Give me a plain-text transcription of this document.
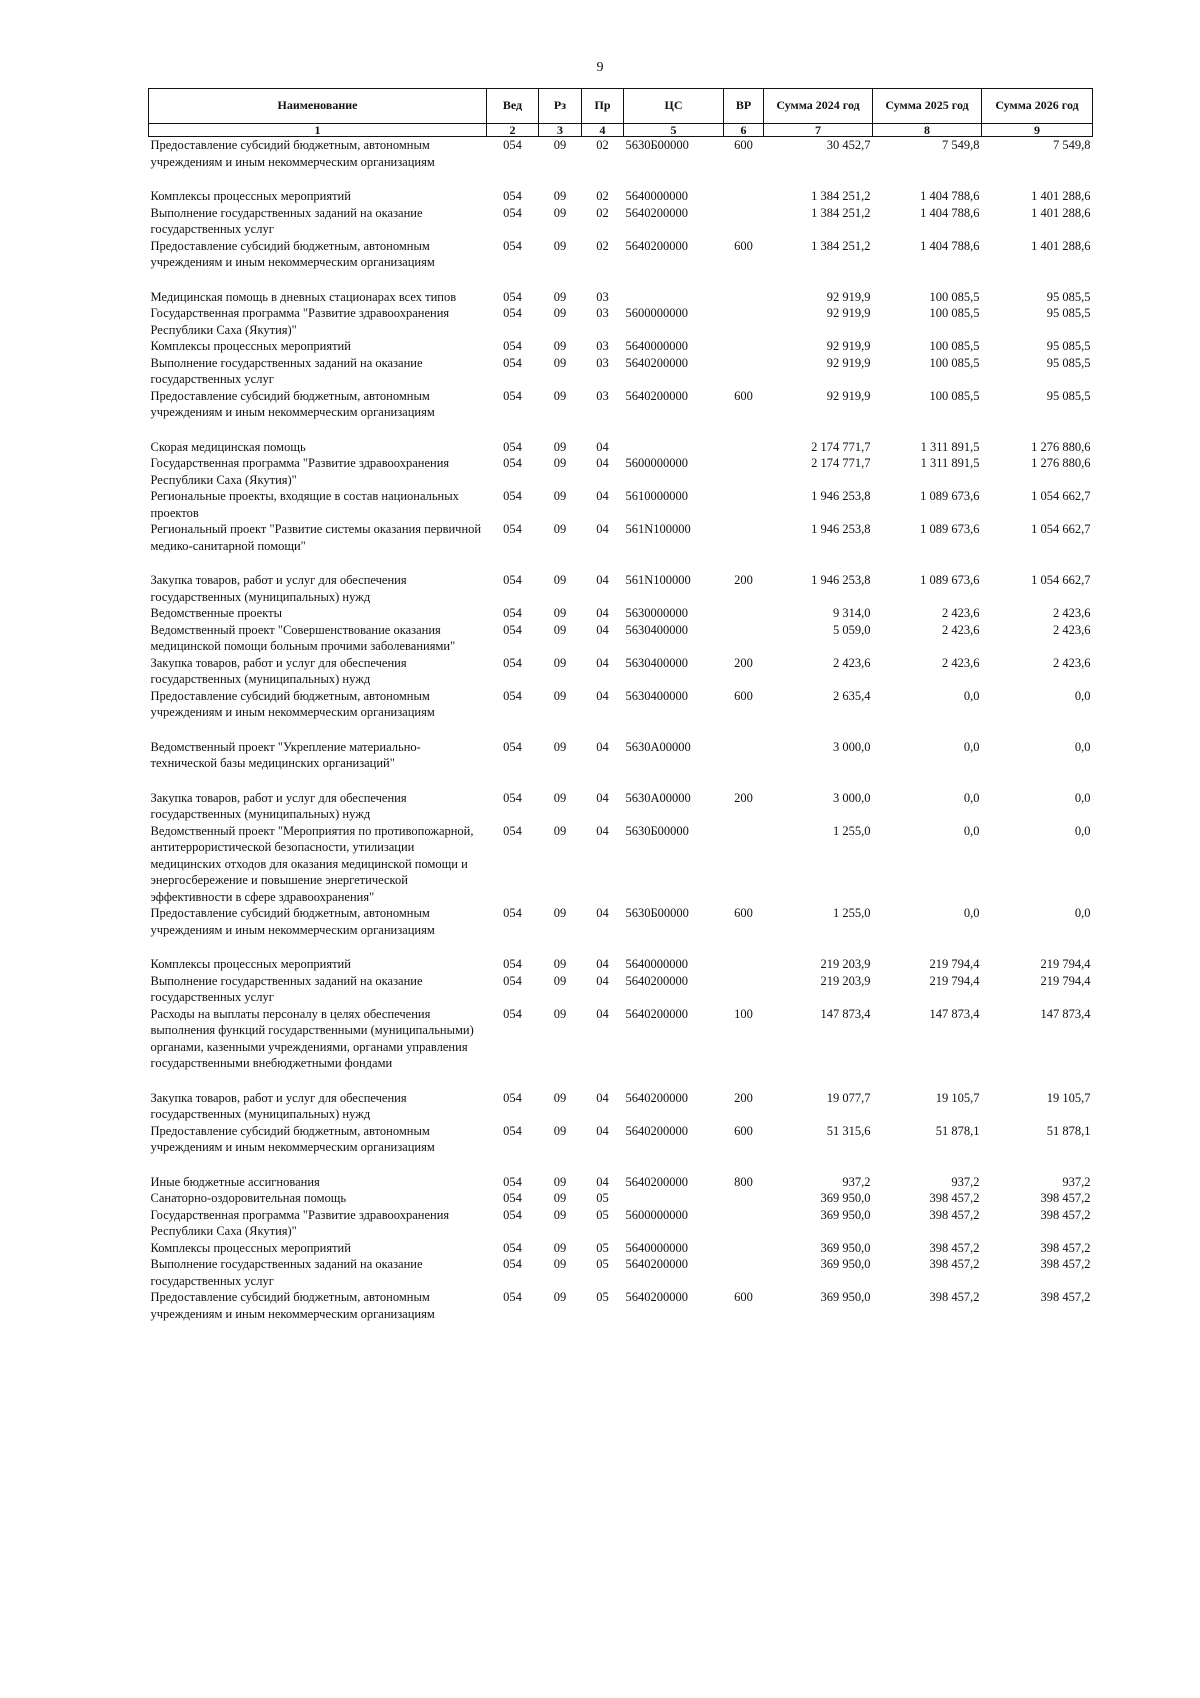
9
Наименование	Вед	Рз	Пр	ЦС	ВР	Сумма 2024 год	Сумма 2025 год	Сумма 2026 год
1	2	3	4	5	6	7	8	9
Предоставление субсидий бюджетным, автономным учреждениям и иным некоммерческим организациям	054	09	02	5630Б00000	600	30 452,7	7 549,8	7 549,8
Комплексы процессных мероприятий	054	09	02	5640000000		1 384 251,2	1 404 788,6	1 401 288,6
Выполнение государственных заданий на оказание государственных услуг	054	09	02	5640200000		1 384 251,2	1 404 788,6	1 401 288,6
Предоставление субсидий бюджетным, автономным учреждениям и иным некоммерческим организациям	054	09	02	5640200000	600	1 384 251,2	1 404 788,6	1 401 288,6
Медицинская помощь в дневных стационарах всех типов	054	09	03			92 919,9	100 085,5	95 085,5
Государственная программа "Развитие здравоохранения Республики Саха (Якутия)"	054	09	03	5600000000		92 919,9	100 085,5	95 085,5
Комплексы процессных мероприятий	054	09	03	5640000000		92 919,9	100 085,5	95 085,5
Выполнение государственных заданий на оказание государственных услуг	054	09	03	5640200000		92 919,9	100 085,5	95 085,5
Предоставление субсидий бюджетным, автономным учреждениям и иным некоммерческим организациям	054	09	03	5640200000	600	92 919,9	100 085,5	95 085,5
Скорая медицинская помощь	054	09	04			2 174 771,7	1 311 891,5	1 276 880,6
Государственная программа "Развитие здравоохранения Республики Саха (Якутия)"	054	09	04	5600000000		2 174 771,7	1 311 891,5	1 276 880,6
Региональные проекты, входящие в состав национальных проектов	054	09	04	5610000000		1 946 253,8	1 089 673,6	1 054 662,7
Региональный проект "Развитие системы оказания первичной медико-санитарной помощи"	054	09	04	561N100000		1 946 253,8	1 089 673,6	1 054 662,7
Закупка товаров, работ и услуг для обеспечения государственных (муниципальных) нужд	054	09	04	561N100000	200	1 946 253,8	1 089 673,6	1 054 662,7
Ведомственные проекты	054	09	04	5630000000		9 314,0	2 423,6	2 423,6
Ведомственный проект "Совершенствование оказания медицинской помощи больным прочими заболеваниями"	054	09	04	5630400000		5 059,0	2 423,6	2 423,6
Закупка товаров, работ и услуг для обеспечения государственных (муниципальных) нужд	054	09	04	5630400000	200	2 423,6	2 423,6	2 423,6
Предоставление субсидий бюджетным, автономным учреждениям и иным некоммерческим организациям	054	09	04	5630400000	600	2 635,4	0,0	0,0
Ведомственный проект "Укрепление материально-технической базы медицинских организаций"	054	09	04	5630А00000		3 000,0	0,0	0,0
Закупка товаров, работ и услуг для обеспечения государственных (муниципальных) нужд	054	09	04	5630А00000	200	3 000,0	0,0	0,0
Ведомственный проект "Мероприятия по противопожарной, антитеррористической безопасности, утилизации медицинских отходов для оказания медицинской помощи и энергосбережение и повышение энергетической эффективности в сфере здравоохранения"	054	09	04	5630Б00000		1 255,0	0,0	0,0
Предоставление субсидий бюджетным, автономным учреждениям и иным некоммерческим организациям	054	09	04	5630Б00000	600	1 255,0	0,0	0,0
Комплексы процессных мероприятий	054	09	04	5640000000		219 203,9	219 794,4	219 794,4
Выполнение государственных заданий на оказание государственных услуг	054	09	04	5640200000		219 203,9	219 794,4	219 794,4
Расходы на выплаты персоналу в целях обеспечения выполнения функций государственными (муниципальными) органами, казенными учреждениями, органами управления государственными внебюджетными фондами	054	09	04	5640200000	100	147 873,4	147 873,4	147 873,4
Закупка товаров, работ и услуг для обеспечения государственных (муниципальных) нужд	054	09	04	5640200000	200	19 077,7	19 105,7	19 105,7
Предоставление субсидий бюджетным, автономным учреждениям и иным некоммерческим организациям	054	09	04	5640200000	600	51 315,6	51 878,1	51 878,1
Иные бюджетные ассигнования	054	09	04	5640200000	800	937,2	937,2	937,2
Санаторно-оздоровительная помощь	054	09	05			369 950,0	398 457,2	398 457,2
Государственная программа "Развитие здравоохранения Республики Саха (Якутия)"	054	09	05	5600000000		369 950,0	398 457,2	398 457,2
Комплексы процессных мероприятий	054	09	05	5640000000		369 950,0	398 457,2	398 457,2
Выполнение государственных заданий на оказание государственных услуг	054	09	05	5640200000		369 950,0	398 457,2	398 457,2
Предоставление субсидий бюджетным, автономным учреждениям и иным некоммерческим организациям	054	09	05	5640200000	600	369 950,0	398 457,2	398 457,2
